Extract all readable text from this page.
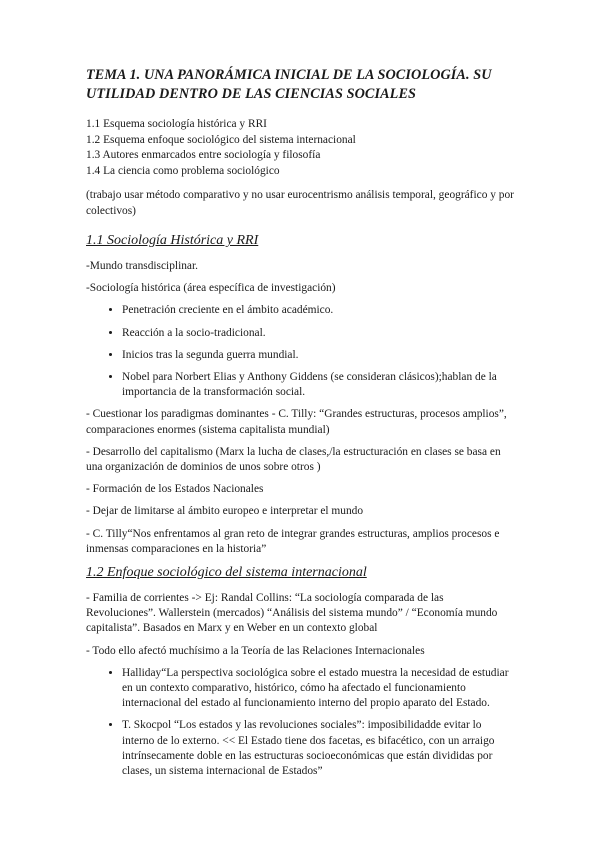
TEMA 1. UNA PANORÁMICA INICIAL DE LA SOCIOLOGÍA. SU UTILIDAD DENTRO DE LAS CIENCIAS SOCIALES
1.1 Esquema sociología histórica y RRI
1.2 Esquema enfoque sociológico del sistema internacional
1.3 Autores enmarcados entre sociología y filosofía
1.4 La ciencia como problema sociológico
(trabajo usar método comparativo y no usar eurocentrismo análisis temporal, geográfico y por colectivos)
1.1 Sociología Histórica y RRI

-Mundo transdisciplinar.

-Sociología histórica (área específica de investigación)

• Penetración creciente en el ámbito académico.
• Reacción a la socio-tradicional.
• Inicios tras la segunda guerra mundial.
• Nobel para Norbert Elias y Anthony Giddens (se consideran clásicos);hablan de la importancia de la transformación social.

- Cuestionar los paradigmas dominantes - C. Tilly: “Grandes estructuras, procesos amplios”, comparaciones enormes (sistema capitalista mundial)

- Desarrollo del capitalismo (Marx la lucha de clases,/la estructuración en clases se basa en una organización de dominios de unos sobre otros )

- Formación de los Estados Nacionales

- Dejar de limitarse al ámbito europeo e interpretar el mundo

- C. Tilly“Nos enfrentamos al gran reto de integrar grandes estructuras, amplios procesos e inmensas comparaciones en la historia”

1.2 Enfoque sociológico del sistema internacional

- Familia de corrientes -> Ej: Randal Collins: “La sociología comparada de las Revoluciones”. Wallerstein (mercados) “Análisis del sistema mundo” / “Economía mundo capitalista”. Basados en Marx y en Weber en un contexto global

- Todo ello afectó muchísimo a la Teoría de las Relaciones Internacionales

• Halliday“La perspectiva sociológica sobre el estado muestra la necesidad de estudiar en un contexto comparativo, histórico, cómo ha afectado el funcionamiento internacional del estado al funcionamiento interno del propio aparato del Estado.
• T. Skocpol “Los estados y las revoluciones sociales”: imposibilidadde evitar lo interno de lo externo. << El Estado tiene dos facetas, es bifacético, con un arraigo intrínsecamente doble en las estructuras socioeconómicas que están divididas por clases, un sistema internacional de Estados”
